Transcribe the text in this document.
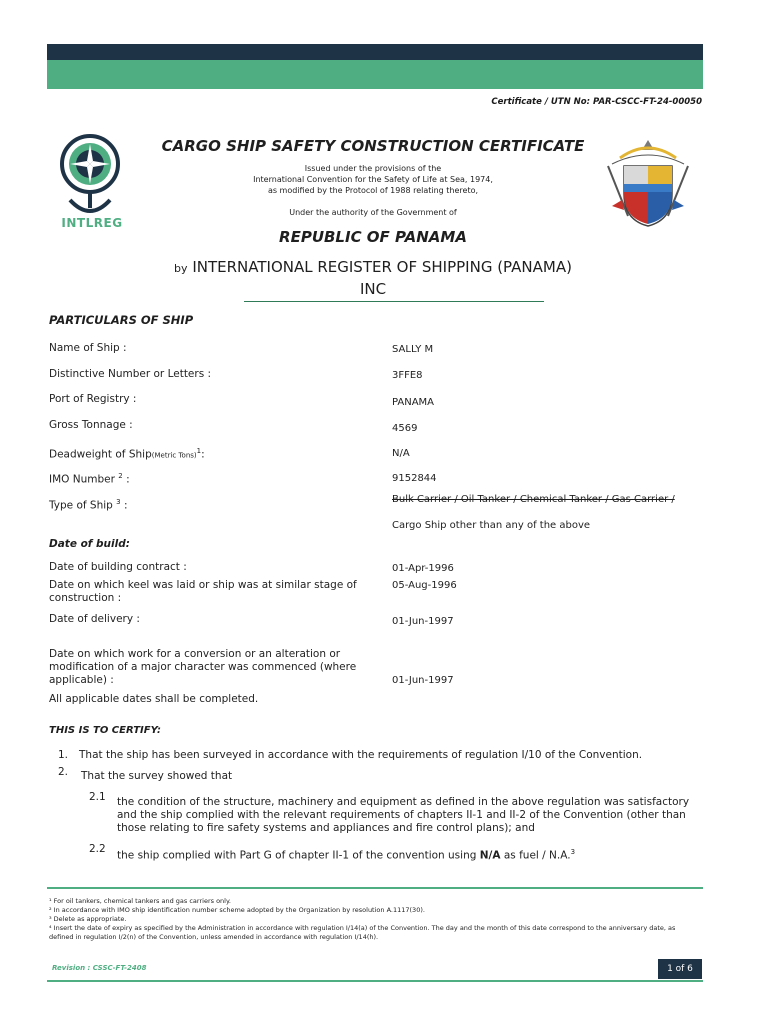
Certificate / UTN No: PAR-CSCC-FT-24-00050
INTLREG
CARGO SHIP SAFETY CONSTRUCTION CERTIFICATE
Issued under the provisions of the
International Convention for the Safety of Life at Sea, 1974,
as modified by the Protocol of 1988 relating thereto,
Under the authority of the Government of
REPUBLIC OF PANAMA
by INTERNATIONAL REGISTER OF SHIPPING (PANAMA)
INC
PARTICULARS OF SHIP
Name of Ship :	SALLY M
Distinctive Number or Letters :	3FFE8
Port of Registry :	PANAMA
Gross Tonnage :	4569
Deadweight of Ship(Metric Tons)$^1$:	N/A
IMO Number $^2$ :	9152844
Type of Ship $^3$ :	Bulk Carrier / Oil Tanker / Chemical Tanker / Gas Carrier /
Cargo Ship other than any of the above
Date of build:
Date of building contract :	01-Apr-1996
Date on which keel was laid or ship was at similar stage of construction :
05-Aug-1996
Date of delivery :	01-Jun-1997
Date on which work for a conversion or an alteration or modification of a major character was commenced (where applicable) :	01-Jun-1997
All applicable dates shall be completed.
THIS IS TO CERTIFY:
1. That the ship has been surveyed in accordance with the requirements of regulation I/10 of the Convention.
2. That the survey showed that
2.1 the condition of the structure, machinery and equipment as defined in the above regulation was satisfactory and the ship complied with the relevant requirements of chapters II-1 and II-2 of the Convention (other than those relating to fire safety systems and appliances and fire control plans); and
2.2
the ship complied with Part G of chapter II-1 of the convention using N/A as fuel / N.A.$^3$
¹ For oil tankers, chemical tankers and gas carriers only.
² In accordance with IMO ship identification number scheme adopted by the Organization by resolution A.1117(30).
³ Delete as appropriate.
⁴ Insert the date of expiry as specified by the Administration in accordance with regulation I/14(a) of the Convention. The day and the month of this date correspond to the anniversary date, as defined in regulation I/2(n) of the Convention, unless amended in accordance with regulation I/14(h).
Revision : CSSC-FT-2408	1 of 6
